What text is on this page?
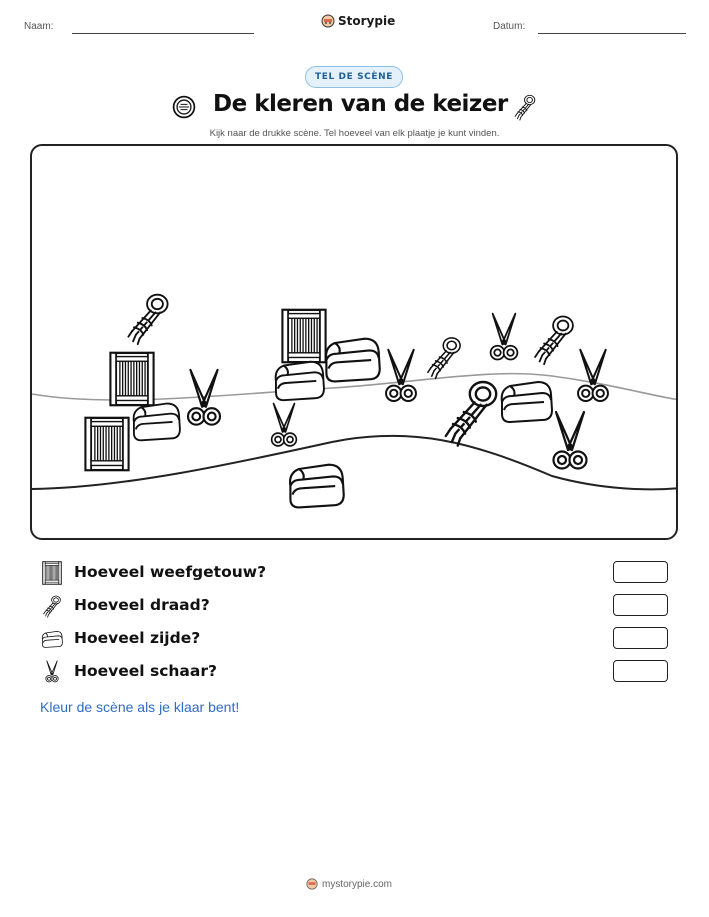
Naam:	Storypie	Datum:
TEL DE SCÈNE
De kleren van de keizer
Kijk naar de drukke scène. Tel hoeveel van elk plaatje je kunt vinden.
Hoeveel weefgetouw?
Hoeveel draad?
Hoeveel zijde?
Hoeveel schaar?
Kleur de scène als je klaar bent!
mystorypie.com
